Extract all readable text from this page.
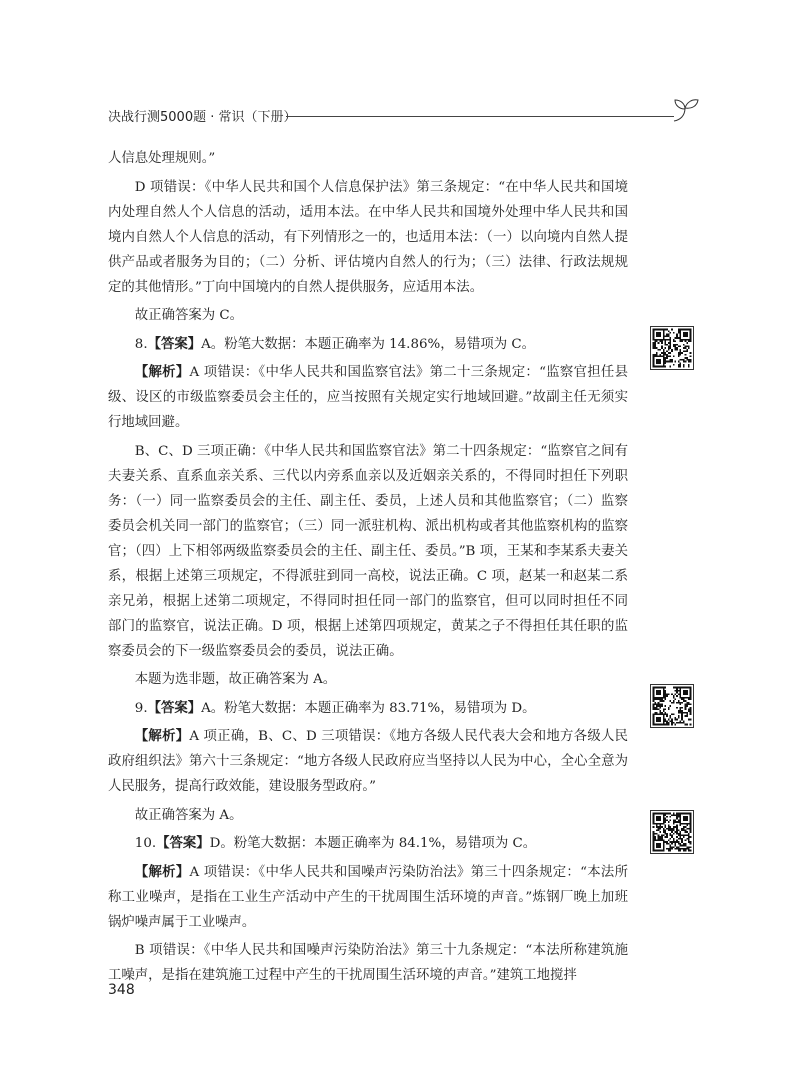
决战行测5000题 · 常识（下册）

人信息处理规则。”

D 项错误：《中华人民共和国个人信息保护法》第三条规定：“在中华人民共和国境内处理自然人个人信息的活动，适用本法。在中华人民共和国境外处理中华人民共和国境内自然人个人信息的活动，有下列情形之一的，也适用本法：（一）以向境内自然人提供产品或者服务为目的；（二）分析、评估境内自然人的行为；（三）法律、行政法规规定的其他情形。”丁向中国境内的自然人提供服务，应适用本法。

故正确答案为 C。

8.【答案】A。粉笔大数据：本题正确率为 14.86%，易错项为 C。

【解析】A 项错误：《中华人民共和国监察官法》第二十三条规定：“监察官担任县级、设区的市级监察委员会主任的，应当按照有关规定实行地域回避。”故副主任无须实行地域回避。

B、C、D 三项正确：《中华人民共和国监察官法》第二十四条规定：“监察官之间有夫妻关系、直系血亲关系、三代以内旁系血亲以及近姻亲关系的，不得同时担任下列职务：（一）同一监察委员会的主任、副主任、委员，上述人员和其他监察官；（二）监察委员会机关同一部门的监察官；（三）同一派驻机构、派出机构或者其他监察机构的监察官；（四）上下相邻两级监察委员会的主任、副主任、委员。”B 项，王某和李某系夫妻关系，根据上述第三项规定，不得派驻到同一高校，说法正确。C 项，赵某一和赵某二系亲兄弟，根据上述第二项规定，不得同时担任同一部门的监察官，但可以同时担任不同部门的监察官，说法正确。D 项，根据上述第四项规定，黄某之子不得担任其任职的监察委员会的下一级监察委员会的委员，说法正确。

本题为选非题，故正确答案为 A。

9.【答案】A。粉笔大数据：本题正确率为 83.71%，易错项为 D。

【解析】A 项正确，B、C、D 三项错误：《地方各级人民代表大会和地方各级人民政府组织法》第六十三条规定：“地方各级人民政府应当坚持以人民为中心，全心全意为人民服务，提高行政效能，建设服务型政府。”

故正确答案为 A。

10.【答案】D。粉笔大数据：本题正确率为 84.1%，易错项为 C。

【解析】A 项错误：《中华人民共和国噪声污染防治法》第三十四条规定：“本法所称工业噪声，是指在工业生产活动中产生的干扰周围生活环境的声音。”炼钢厂晚上加班锅炉噪声属于工业噪声。

B 项错误：《中华人民共和国噪声污染防治法》第三十九条规定：“本法所称建筑施工噪声，是指在建筑施工过程中产生的干扰周围生活环境的声音。”建筑工地搅拌

348
